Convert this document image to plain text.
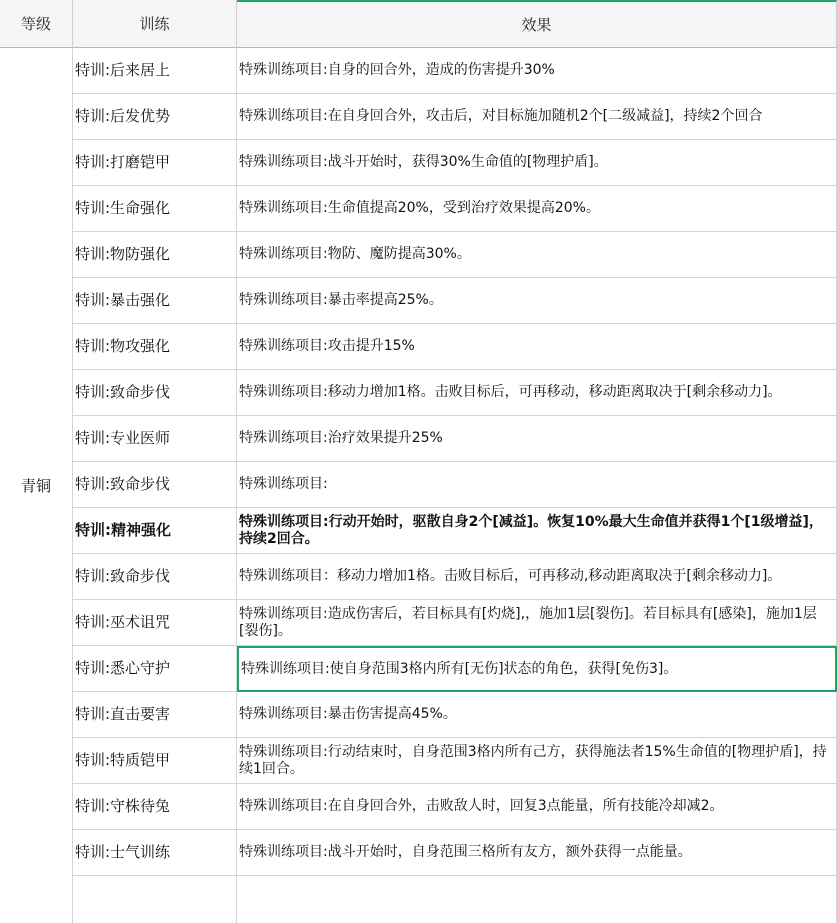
等级	训练	效果
青铜
特训:后来居上	特殊训练项目:自身的回合外，造成的伤害提升30%
特训:后发优势	特殊训练项目:在自身回合外，攻击后，对目标施加随机2个[二级减益]，持续2个回合
特训:打磨铠甲	特殊训练项目:战斗开始时，获得30%生命值的[物理护盾]。
特训:生命强化	特殊训练项目:生命值提高20%，受到治疗效果提高20%。
特训:物防强化	特殊训练项目:物防、魔防提高30%。
特训:暴击强化	特殊训练项目:暴击率提高25%。
特训:物攻强化	特殊训练项目:攻击提升15%
特训:致命步伐	特殊训练项目:移动力增加1格。击败目标后，可再移动，移动距离取决于[剩余移动力]。
特训:专业医师	特殊训练项目:治疗效果提升25%
特训:致命步伐	特殊训练项目:
特训:精神强化	特殊训练项目:行动开始时，驱散自身2个[减益]。恢复10%最大生命值并获得1个[1级增益]，持续2回合。
特训:致命步伐	特殊训练项目：移动力增加1格。击败目标后，可再移动,移动距离取决于[剩余移动力]。
特训:巫术诅咒	特殊训练项目:造成伤害后，若目标具有[灼烧],，施加1层[裂伤]。若目标具有[感染]，施加1层[裂伤]。
特训:悉心守护	特殊训练项目:使自身范围3格内所有[无伤]状态的角色，获得[免伤3]。
特训:直击要害	特殊训练项目:暴击伤害提高45%。
特训:特质铠甲	特殊训练项目:行动结束时，自身范围3格内所有己方，获得施法者15%生命值的[物理护盾]，持续1回合。
特训:守株待兔	特殊训练项目:在自身回合外，击败敌人时，回复3点能量，所有技能冷却减2。
特训:士气训练	特殊训练项目:战斗开始时，自身范围三格所有友方，额外获得一点能量。
